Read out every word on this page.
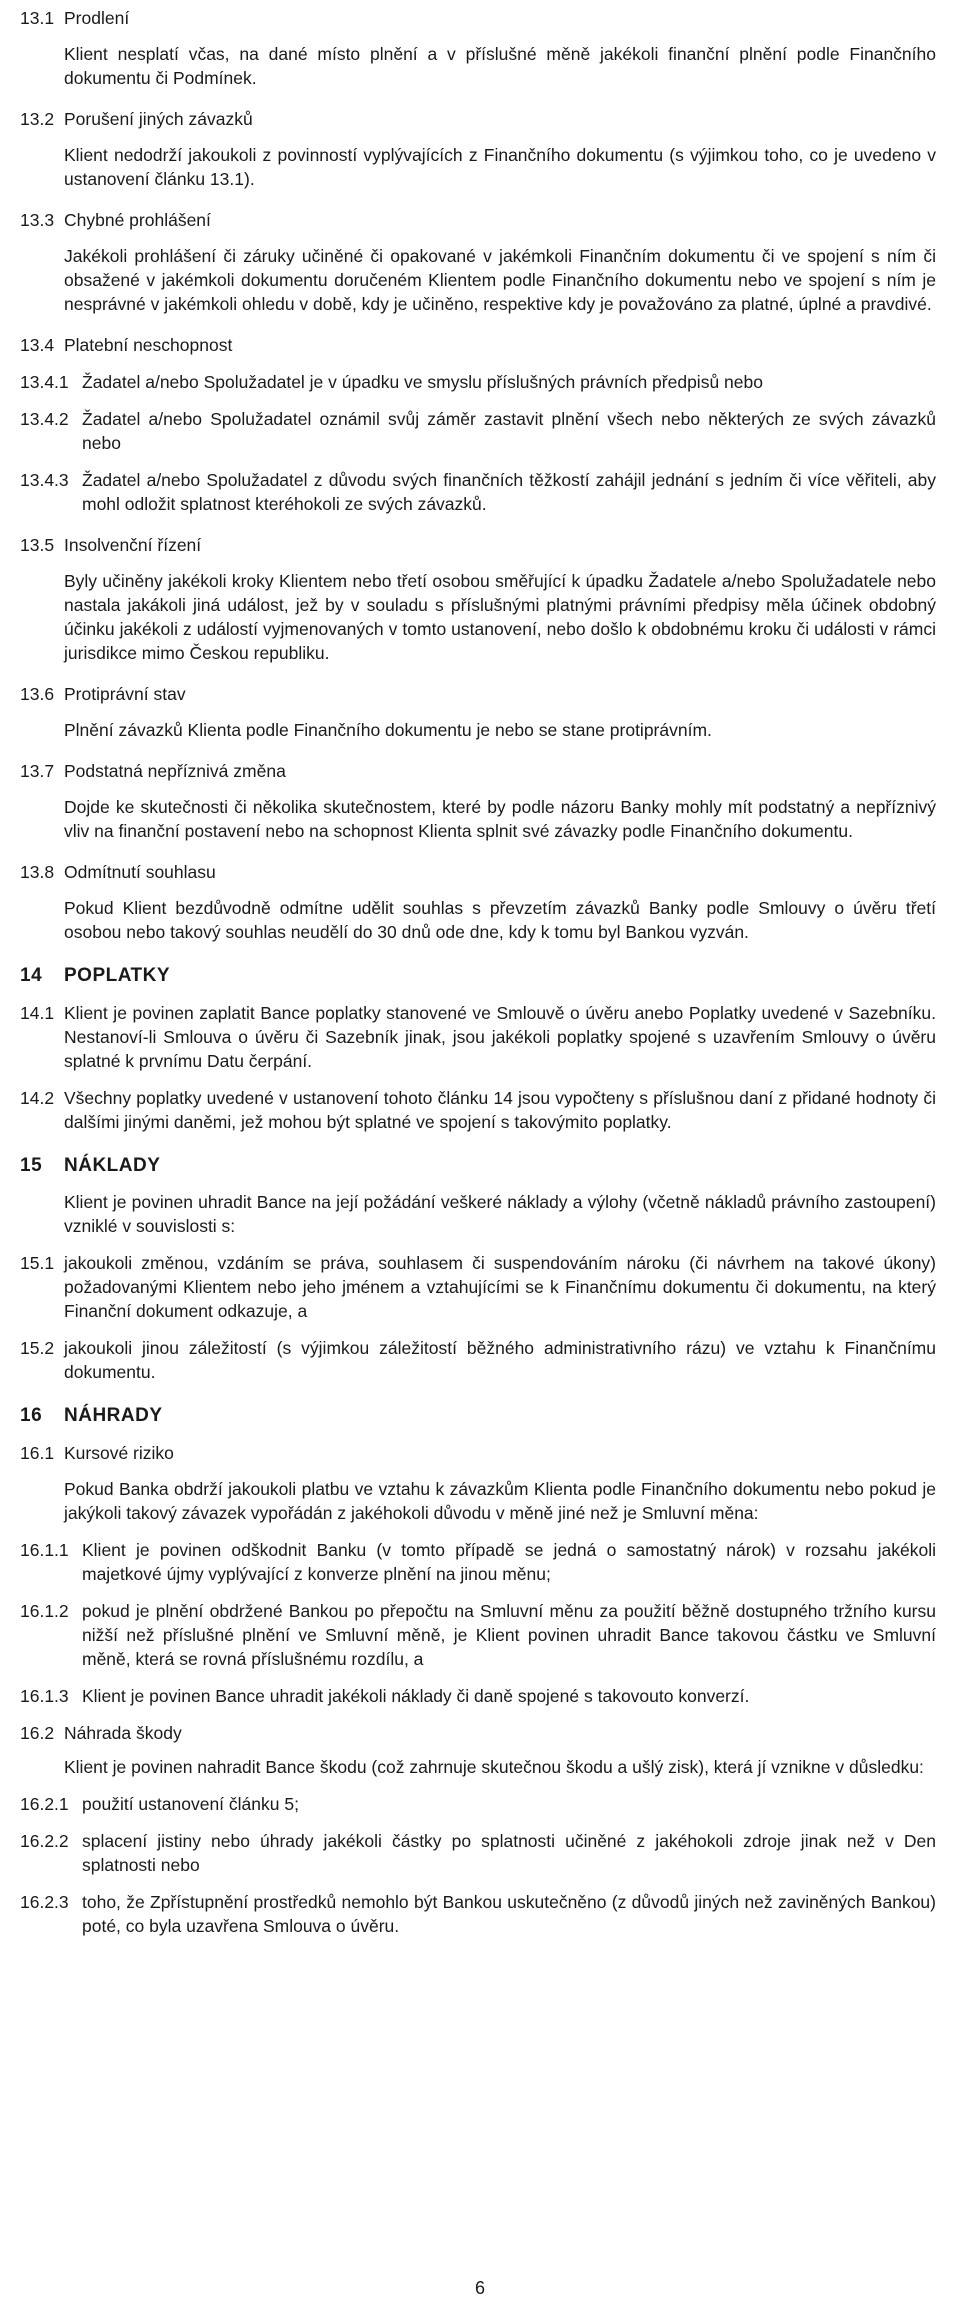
13.1 Prodlení
Klient nesplatí včas, na dané místo plnění a v příslušné měně jakékoli finanční plnění podle Finančního dokumentu či Podmínek.
13.2 Porušení jiných závazků
Klient nedodrží jakoukoli z povinností vyplývajících z Finančního dokumentu (s výjimkou toho, co je uvedeno v ustanovení článku 13.1).
13.3 Chybné prohlášení
Jakékoli prohlášení či záruky učiněné či opakované v jakémkoli Finančním dokumentu či ve spojení s ním či obsažené v jakémkoli dokumentu doručeném Klientem podle Finančního dokumentu nebo ve spojení s ním je nesprávné v jakémkoli ohledu v době, kdy je učiněno, respektive kdy je považováno za platné, úplné a pravdivé.
13.4 Platební neschopnost
13.4.1 Žadatel a/nebo Spolužadatel je v úpadku ve smyslu příslušných právních předpisů nebo
13.4.2 Žadatel a/nebo Spolužadatel oznámil svůj záměr zastavit plnění všech nebo některých ze svých závazků nebo
13.4.3 Žadatel a/nebo Spolužadatel z důvodu svých finančních těžkostí zahájil jednání s jedním či více věřiteli, aby mohl odložit splatnost kteréhokoli ze svých závazků.
13.5 Insolvenční řízení
Byly učiněny jakékoli kroky Klientem nebo třetí osobou směřující k úpadku Žadatele a/nebo Spolužadatele nebo nastala jakákoli jiná událost, jež by v souladu s příslušnými platnými právními předpisy měla účinek obdobný účinku jakékoli z událostí vyjmenovaných v tomto ustanovení, nebo došlo k obdobnému kroku či události v rámci jurisdikce mimo Českou republiku.
13.6 Protiprávní stav
Plnění závazků Klienta podle Finančního dokumentu je nebo se stane protiprávním.
13.7 Podstatná nepříznivá změna
Dojde ke skutečnosti či několika skutečnostem, které by podle názoru Banky mohly mít podstatný a nepříznivý vliv na finanční postavení nebo na schopnost Klienta splnit své závazky podle Finančního dokumentu.
13.8 Odmítnutí souhlasu
Pokud Klient bezdůvodně odmítne udělit souhlas s převzetím závazků Banky podle Smlouvy o úvěru třetí osobou nebo takový souhlas neudělí do 30 dnů ode dne, kdy k tomu byl Bankou vyzván.
14 POPLATKY
14.1 Klient je povinen zaplatit Bance poplatky stanovené ve Smlouvě o úvěru anebo Poplatky uvedené v Sazebníku. Nestanoví-li Smlouva o úvěru či Sazebník jinak, jsou jakékoli poplatky spojené s uzavřením Smlouvy o úvěru splatné k prvnímu Datu čerpání.
14.2 Všechny poplatky uvedené v ustanovení tohoto článku 14 jsou vypočteny s příslušnou daní z přidané hodnoty či dalšími jinými daněmi, jež mohou být splatné ve spojení s takovýmito poplatky.
15 NÁKLADY
Klient je povinen uhradit Bance na její požádání veškeré náklady a výlohy (včetně nákladů právního zastoupení) vzniklé v souvislosti s:
15.1 jakoukoli změnou, vzdáním se práva, souhlasem či suspendováním nároku (či návrhem na takové úkony) požadovanými Klientem nebo jeho jménem a vztahujícími se k Finančnímu dokumentu či dokumentu, na který Finanční dokument odkazuje, a
15.2 jakoukoli jinou záležitostí (s výjimkou záležitostí běžného administrativního rázu) ve vztahu k Finančnímu dokumentu.
16 NÁHRADY
16.1 Kursové riziko
Pokud Banka obdrží jakoukoli platbu ve vztahu k závazkům Klienta podle Finančního dokumentu nebo pokud je jakýkoli takový závazek vypořádán z jakéhokoli důvodu v měně jiné než je Smluvní měna:
16.1.1 Klient je povinen odškodnit Banku (v tomto případě se jedná o samostatný nárok) v rozsahu jakékoli majetkové újmy vyplývající z konverze plnění na jinou měnu;
16.1.2 pokud je plnění obdržené Bankou po přepočtu na Smluvní měnu za použití běžně dostupného tržního kursu nižší než příslušné plnění ve Smluvní měně, je Klient povinen uhradit Bance takovou částku ve Smluvní měně, která se rovná příslušnému rozdílu, a
16.1.3 Klient je povinen Bance uhradit jakékoli náklady či daně spojené s takovouto konverzí.
16.2 Náhrada škody
Klient je povinen nahradit Bance škodu (což zahrnuje skutečnou škodu a ušlý zisk), která jí vznikne v důsledku:
16.2.1 použití ustanovení článku 5;
16.2.2 splacení jistiny nebo úhrady jakékoli částky po splatnosti učiněné z jakéhokoli zdroje jinak než v Den splatnosti nebo
16.2.3 toho, že Zpřístupnění prostředků nemohlo být Bankou uskutečněno (z důvodů jiných než zaviněných Bankou) poté, co byla uzavřena Smlouva o úvěru.
6
